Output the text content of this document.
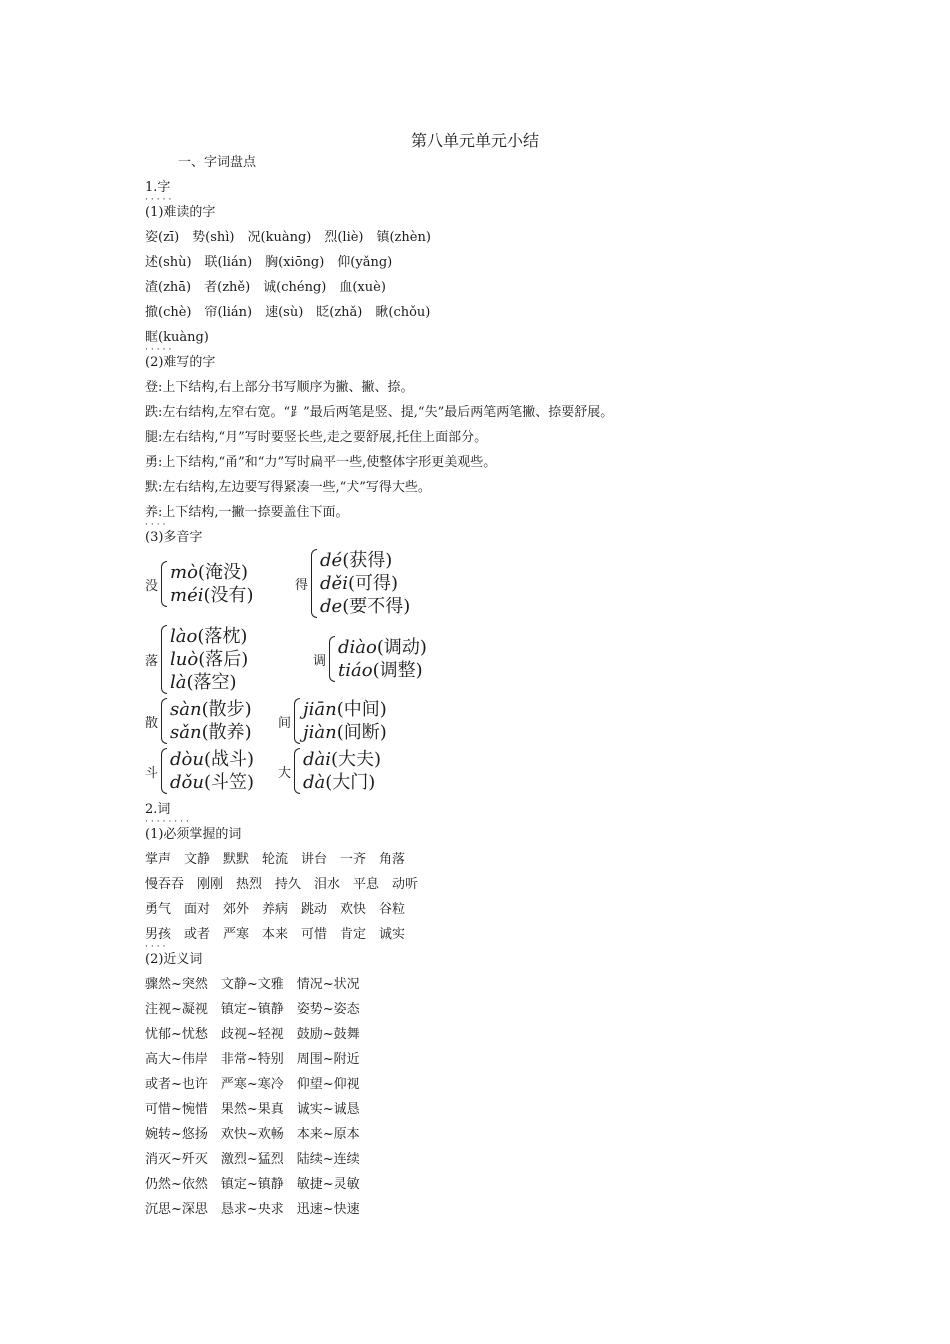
第八单元单元小结
一、字词盘点
1.字
·····
(1)难读的字
姿(zī)　势(shì)　况(kuàng)　烈(liè)　镇(zhèn)
述(shù)　联(lián)　胸(xiōng)　仰(yǎng)
渣(zhā)　者(zhě)　诚(chéng)　血(xuè)
撤(chè)　帘(lián)　速(sù)　眨(zhǎ)　瞅(chǒu)
眶(kuàng)
·····
(2)难写的字
登:上下结构,右上部分书写顺序为撇、撇、捺。
跌:左右结构,左窄右宽。“⻊”最后两笔是竖、提,“失”最后两笔两笔撇、捺要舒展。
腿:左右结构,“月”写时要竖长些,走之要舒展,托住上面部分。
勇:上下结构,“甬”和“力”写时扁平一些,使整体字形更美观些。
默:左右结构,左边要写得紧凑一些,“犬”写得大些。
养:上下结构,一撇一捺要盖住下面。
····
(3)多音字
没
mò(淹没)
méi(没有)	得
dé(获得)
děi(可得)
de(要不得)
落
lào(落枕)
luò(落后)
là(落空)
调
diào(调动)
tiáo(调整)
散
sàn(散步)
sǎn(散养) 间
jiān(中间)
jiàn(间断)
斗
dòu(战斗)
dǒu(斗笠) 大
dài(大夫)
dà(大门)
2.词
········
(1)必须掌握的词
掌声　文静　默默　轮流　讲台　一齐　角落
慢吞吞　刚刚　热烈　持久　泪水　平息　动听
勇气　面对　郊外　养病　跳动　欢快　谷粒
男孩　或者　严寒　本来　可惜　肯定　诚实
····
(2)近义词
骤然~突然　文静~文雅　情况~状况
注视~凝视　镇定~镇静　姿势~姿态
忧郁~忧愁　歧视~轻视　鼓励~鼓舞
高大~伟岸　非常~特别　周围~附近
或者~也许　严寒~寒冷　仰望~仰视
可惜~惋惜　果然~果真　诚实~诚恳
婉转~悠扬　欢快~欢畅　本来~原本
消灭~歼灭　激烈~猛烈　陆续~连续
仍然~依然　镇定~镇静　敏捷~灵敏
沉思~深思　恳求~央求　迅速~快速
